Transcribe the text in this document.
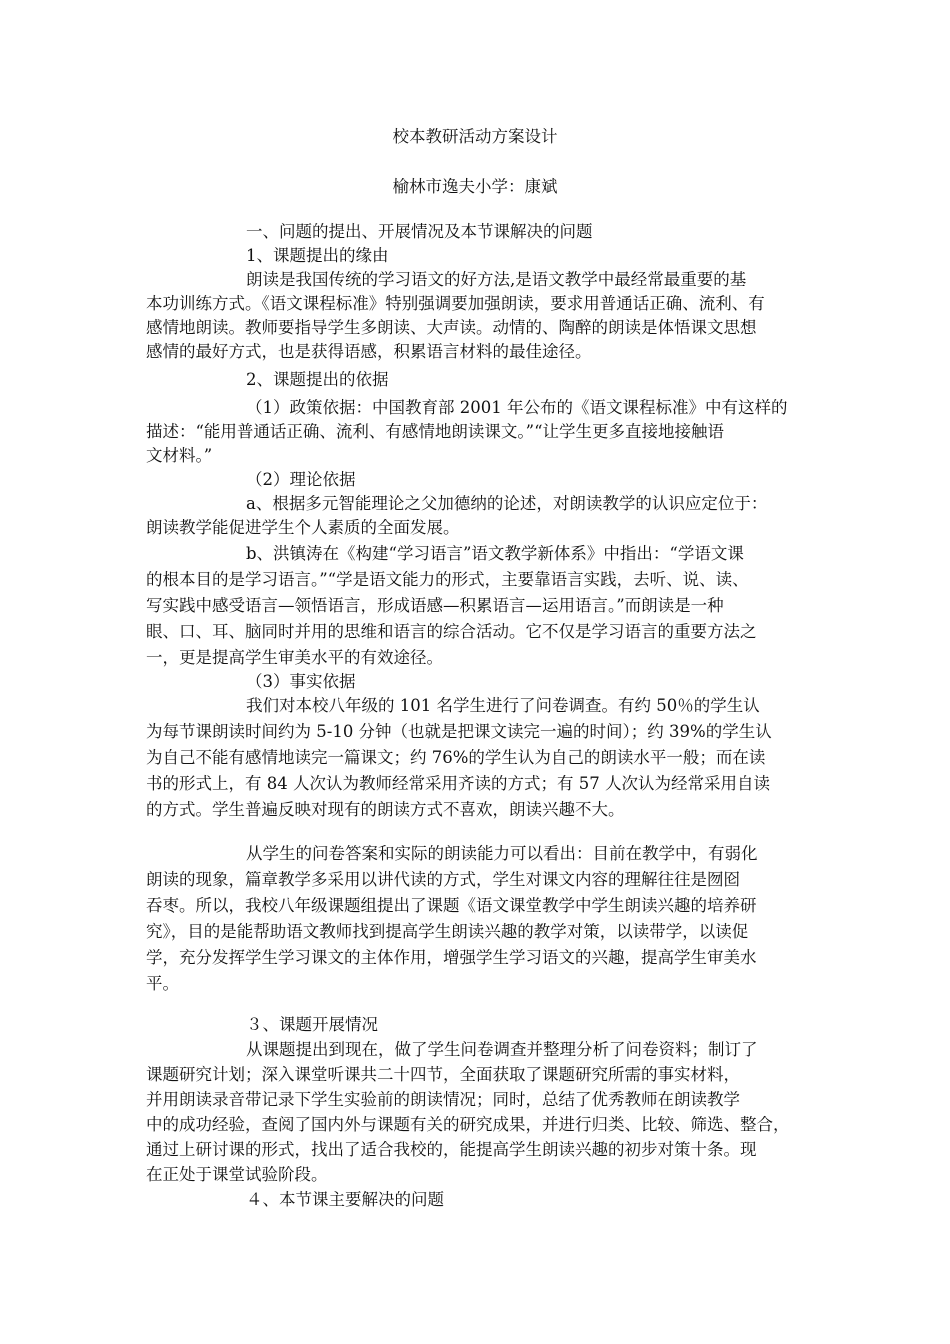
校本教研活动方案设计
榆林市逸夫小学：康斌
一、问题的提出、开展情况及本节课解决的问题
1、课题提出的缘由
朗读是我国传统的学习语文的好方法,是语文教学中最经常最重要的基
本功训练方式。《语文课程标准》特别强调要加强朗读，要求用普通话正确、流利、有
感情地朗读。教师要指导学生多朗读、大声读。动情的、陶醉的朗读是体悟课文思想
感情的最好方式，也是获得语感，积累语言材料的最佳途径。
2、课题提出的依据
（1）政策依据：中国教育部 2001 年公布的《语文课程标准》中有这样的
描述：“能用普通话正确、流利、有感情地朗读课文。”“让学生更多直接地接触语
文材料。”
（2）理论依据
a、根据多元智能理论之父加德纳的论述，对朗读教学的认识应定位于：
朗读教学能促进学生个人素质的全面发展。
b、洪镇涛在《构建“学习语言”语文教学新体系》中指出：“学语文课
的根本目的是学习语言。”“学是语文能力的形式，主要靠语言实践，去听、说、读、
写实践中感受语言—领悟语言，形成语感—积累语言—运用语言。”而朗读是一种
眼、口、耳、脑同时并用的思维和语言的综合活动。它不仅是学习语言的重要方法之
一，更是提高学生审美水平的有效途径。
（3）事实依据
我们对本校八年级的 101 名学生进行了问卷调查。有约 50％的学生认
为每节课朗读时间约为 5-10 分钟（也就是把课文读完一遍的时间）；约 39%的学生认
为自己不能有感情地读完一篇课文；约 76%的学生认为自己的朗读水平一般；而在读
书的形式上，有 84 人次认为教师经常采用齐读的方式；有 57 人次认为经常采用自读
的方式。学生普遍反映对现有的朗读方式不喜欢，朗读兴趣不大。
从学生的问卷答案和实际的朗读能力可以看出：目前在教学中，有弱化
朗读的现象，篇章教学多采用以讲代读的方式，学生对课文内容的理解往往是囫囵
吞枣。所以，我校八年级课题组提出了课题《语文课堂教学中学生朗读兴趣的培养研
究》，目的是能帮助语文教师找到提高学生朗读兴趣的教学对策，以读带学，以读促
学，充分发挥学生学习课文的主体作用，增强学生学习语文的兴趣，提高学生审美水
平。
３、课题开展情况
从课题提出到现在，做了学生问卷调查并整理分析了问卷资料；制订了
课题研究计划；深入课堂听课共二十四节，全面获取了课题研究所需的事实材料，
并用朗读录音带记录下学生实验前的朗读情况；同时，总结了优秀教师在朗读教学
中的成功经验，查阅了国内外与课题有关的研究成果，并进行归类、比较、筛选、整合，
通过上研讨课的形式，找出了适合我校的，能提高学生朗读兴趣的初步对策十条。现
在正处于课堂试验阶段。
４、本节课主要解决的问题
